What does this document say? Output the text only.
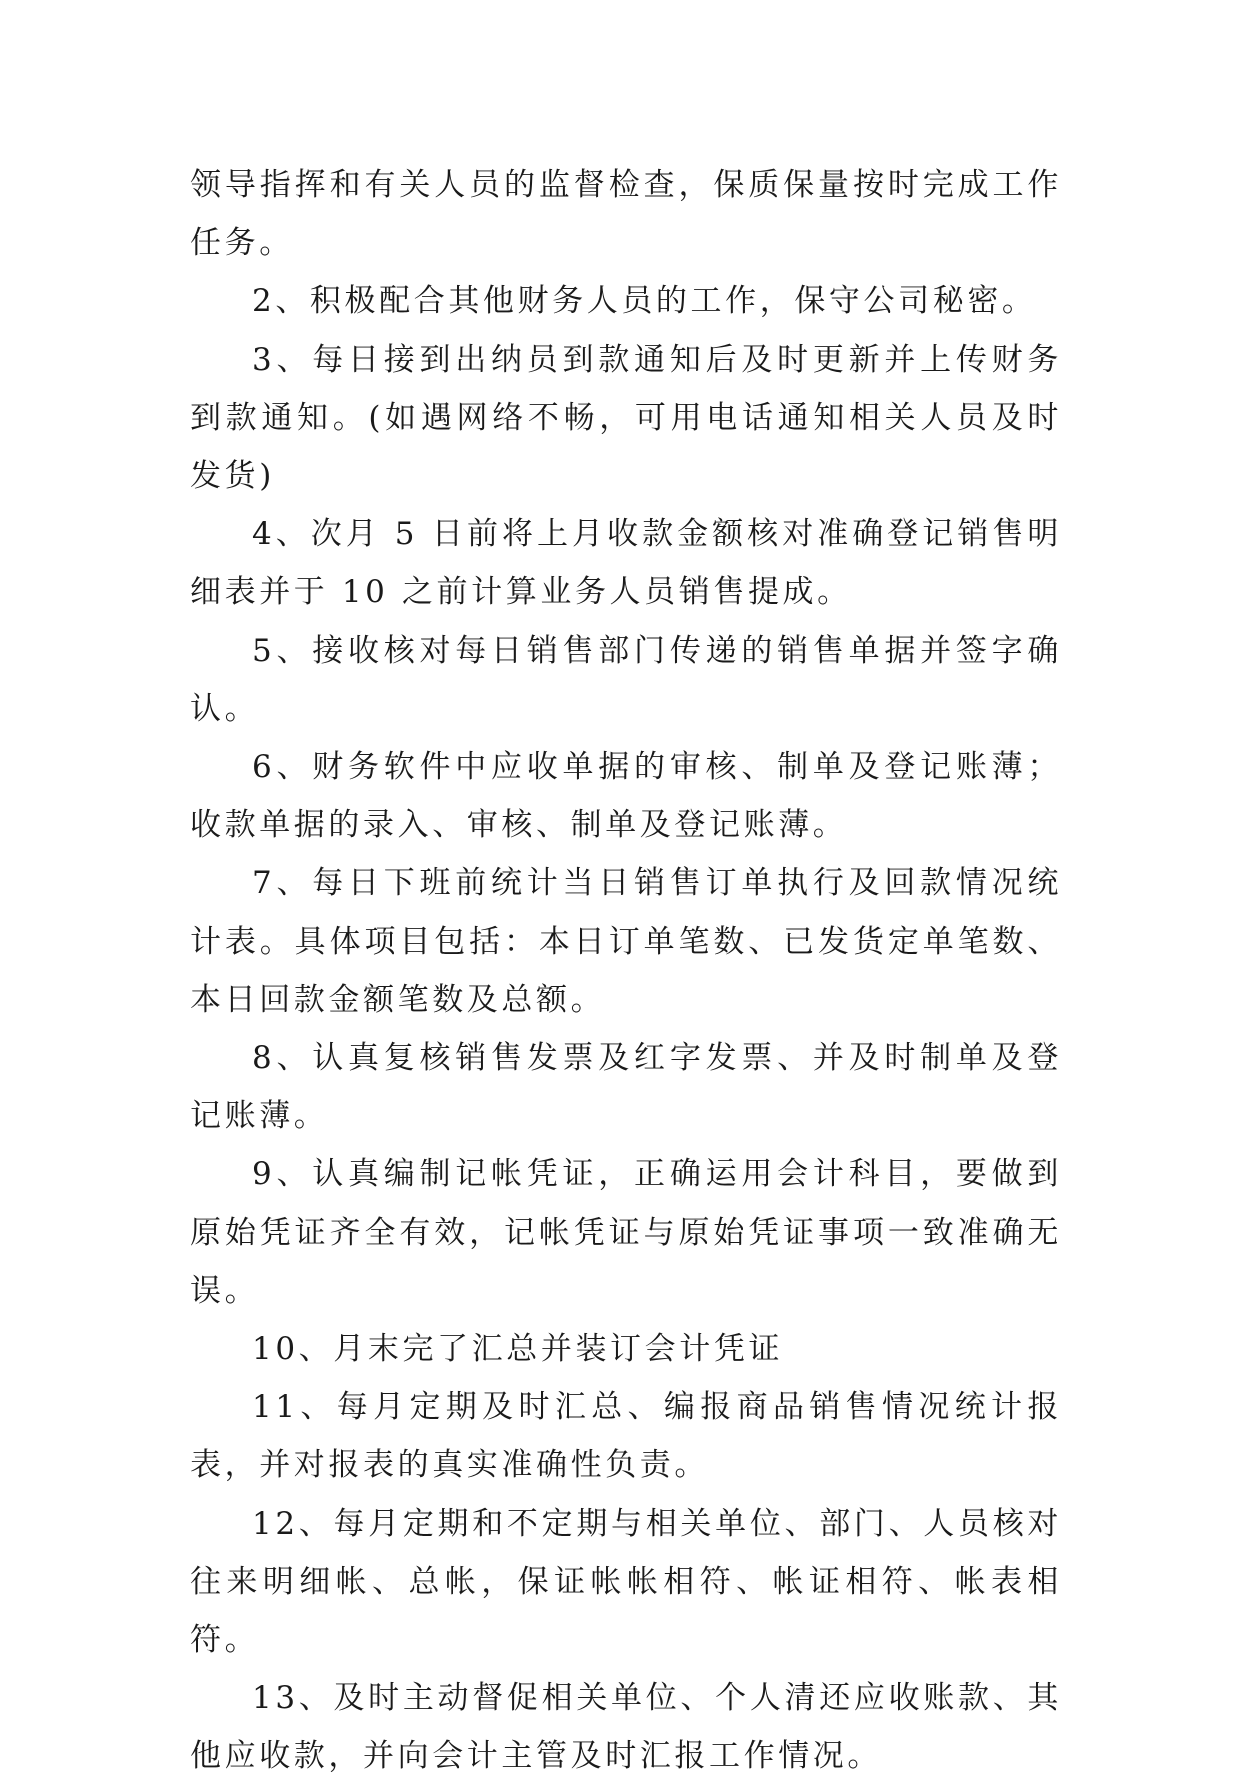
领导指挥和有关人员的监督检查，保质保量按时完成工作任务。

2、积极配合其他财务人员的工作，保守公司秘密。

3、每日接到出纳员到款通知后及时更新并上传财务到款通知。(如遇网络不畅，可用电话通知相关人员及时发货)

4、次月 5 日前将上月收款金额核对准确登记销售明细表并于 10 之前计算业务人员销售提成。

5、接收核对每日销售部门传递的销售单据并签字确认。

6、财务软件中应收单据的审核、制单及登记账薄；收款单据的录入、审核、制单及登记账薄。

7、每日下班前统计当日销售订单执行及回款情况统计表。具体项目包括：本日订单笔数、已发货定单笔数、本日回款金额笔数及总额。

8、认真复核销售发票及红字发票、并及时制单及登记账薄。

9、认真编制记帐凭证，正确运用会计科目，要做到原始凭证齐全有效，记帐凭证与原始凭证事项一致准确无误。

10、月末完了汇总并装订会计凭证

11、每月定期及时汇总、编报商品销售情况统计报表，并对报表的真实准确性负责。

12、每月定期和不定期与相关单位、部门、人员核对往来明细帐、总帐，保证帐帐相符、帐证相符、帐表相符。

13、及时主动督促相关单位、个人清还应收账款、其他应收款，并向会计主管及时汇报工作情况。
